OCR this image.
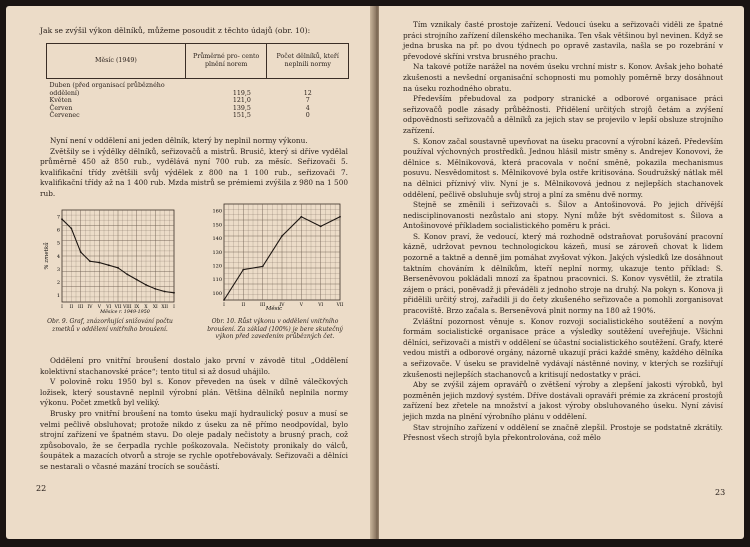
Jak se zvýšil výkon dělníků, můžeme posoudit z těchto údajů (obr. 10):
Měsíc (1949)	Průměrné pro- cento plnění norem	Počet dělníků, kteří neplnili normy
Duben (před organisací průbězného		
oddělení)	119,5	12
Květen	121,0	7
Červen	139,5	4
Červenec	151,5	0

Nyní není v oddělení ani jeden dělník, který by neplnil normy výkonu.

Zvětšily se i výdělky dělníků, seřizovačů a mistrů. Brusič, který si dříve vydělal průměrně 450 až 850 rub., vydělává nyní 700 rub. za měsíc. Seřizovači 5. kvalifikační třídy zvětšili svůj výdělek z 800 na 1 100 rub., seřizovači 7. kvalifikační třídy až na 1 400 rub. Mzda mistrů se prémiemi zvýšila z 980 na 1 500 rub.

7
6
5
4
3
2
1
I II III IV V VI VII VIII IX X XI XII I
% zmetků
Měsíce r. 1949-1950
Obr. 9. Graf, znázorňující snižování počtu zmetků v oddělení vnitřního broušení.
160
150
140
130
120
110
100
I	II	III	IV	V	VI	VII
Měsíc
Obr. 10. Růst výkonu v oddělení vnitřního broušení. Za základ (100%) je bere skutečný výkon před zavedením průbězných čet.

Oddělení pro vnitřní broušení dostalo jako první v závodě titul „Oddělení kolektivní stachanovské práce“; tento titul si až dosud uhájilo.

V polovině roku 1950 byl s. Konov převeden na úsek v dílně válečkových ložisek, který soustavně neplnil výrobní plán. Většina dělníků neplnila normy výkonu. Počet zmetků byl veliký.

Brusky pro vnitřní broušení na tomto úseku mají hydraulický posuv a musí se velmi pečlivě obsluhovat; protože nikdo z úseku za ně přímo neodpovídal, bylo strojní zařízení ve špatném stavu. Do oleje padaly nečistoty a brusný prach, což způsobovalo, že se čerpadla rychle poškozovala. Nečistoty pronikaly do válců, šoupátek a mazacích otvorů a stroje se rychle opotřebovávaly. Seřizovači a dělníci se nestarali o včasné mazání trocích se součástí.

22

Tím vznikaly časté prostoje zařízení. Vedoucí úseku a seřizovači viděli ze špatné práci strojního zařízení dílenského mechanika. Ten však většinou byl nevinen. Když se jedna bruska na př. po dvou týdnech po opravě zastavila, našla se po rozebrání v převodové skříni vrstva brusného prachu.

Na takové potíže narážel na novém úseku vrchní mistr s. Konov. Avšak jeho bohaté zkušenosti a nevšední organisační schopnosti mu pomohly poměrně brzy dosáhnout na úseku rozhodného obratu.

Především přebudoval za podpory stranické a odborové organisace práci seřizovačů podle zásady průběžnosti. Přidělení určitých strojů četám a zvýšení odpovědnosti seřizovačů a dělníků za jejich stav se projevilo v lepší obsluze strojního zařízení.

S. Konov začal soustavně upevňovat na úseku pracovní a výrobní kázeň. Především používal výchovných prostředků. Jednou hlásil mistr směny s. Andrejev Konovovi, že dělnice s. Mělnikovová, která pracovala v noční směně, pokazila mechanismus posuvu. Nesvědomitost s. Mělnikovové byla ostře kritisována. Soudružský nátlak měl na dělnici příznivý vliv. Nyní je s. Mělnikovová jednou z nejlepších stachanovek oddělení, pečlivě obsluhuje svůj stroj a plní za směnu dvě normy.

Stejně se změnili i seřizovači s. Šilov a Antošinovová. Po jejich dřívější nedisciplinovanosti nezůstalo ani stopy. Nyní může být svědomitost s. Šilova a Antošinovové příkladem socialistického poměru k práci.

S. Konov praví, že vedoucí, který má rozhodně odstraňovat porušování pracovní kázně, udržovat pevnou technologickou kázeň, musí se zároveň chovat k lidem pozorně a taktně a denně jim pomáhat zvyšovat výkon. Jakých výsledků lze dosáhnout taktním chováním k dělníkům, kteří neplní normy, ukazuje tento příklad: S. Berseněvovou pokládali mnozí za špatnou pracovnici. S. Konov vysvětlil, že ztratila zájem o práci, poněvadž ji převáděli z jednoho stroje na druhý. Na pokyn s. Konova ji přidělili určitý stroj, zařadili ji do čety zkušeného seřizovače a pomohli zorganisovat pracoviště. Brzo začala s. Berseněvová plnit normy na 180 až 190%.

Zvláštní pozornost věnuje s. Konov rozvoji socialistického soutěžení a novým formám socialistické organisace práce a výsledky soutěžení uveřejňuje. Všichni dělníci, seřizovači a mistři v oddělení se účastní socialistického soutěžení. Grafy, které vedou mistři a odborové orgány, názorně ukazují práci každé směny, každého dělníka a seřizovače. V úseku se pravidelně vydávají nástěnné noviny, v kterých se rozšiřují zkušenosti nejlepších stachanovců a kritisují nedostatky v práci.

Aby se zvýšil zájem opravářů o zvětšení výroby a zlepšení jakosti výrobků, byl pozměněn jejich mzdový systém. Dříve dostávali opraváři prémie za zkrácení prostojů zařízení bez zřetele na množství a jakost výroby obsluhovaného úseku. Nyní závisí jejich mzda na plnění výrobního plánu v oddělení.

Stav strojního zařízení v oddělení se značně zlepšil. Prostoje se podstatně zkrátily. Přesnost všech strojů byla překontrolována, což mělo

23
